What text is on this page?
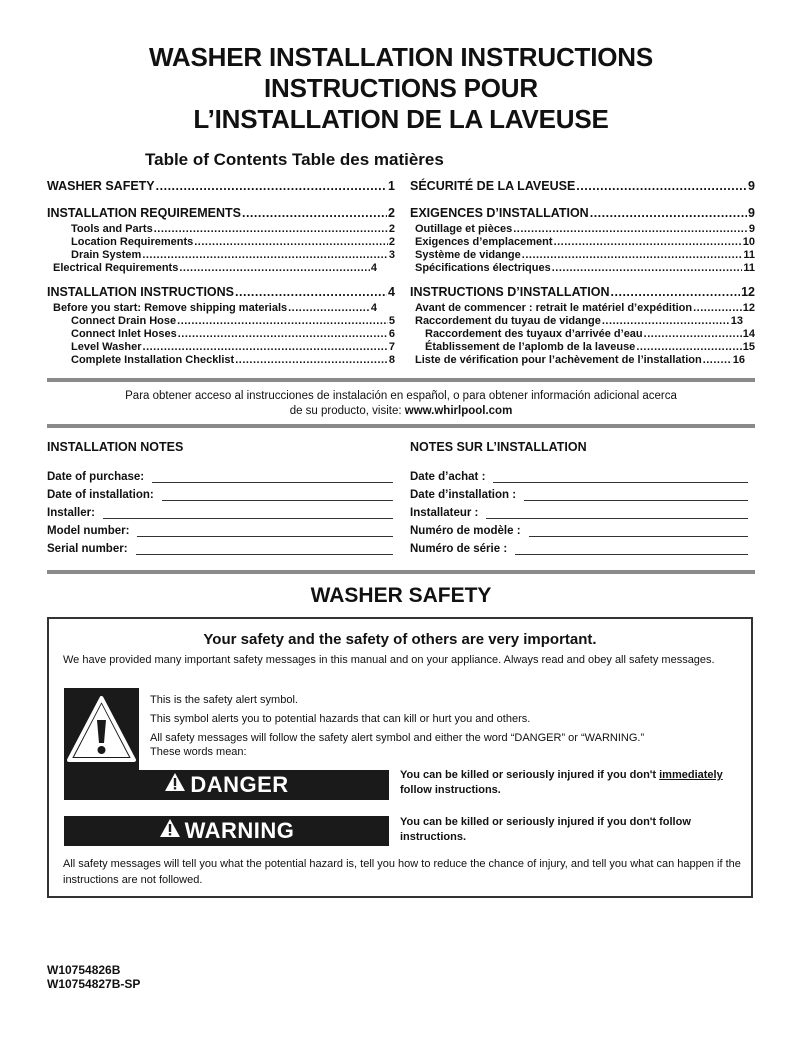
WASHER INSTALLATION INSTRUCTIONS
INSTRUCTIONS POUR
L’INSTALLATION DE LA LAVEUSE
Table of Contents Table des matières
WASHER SAFETY .....	1
INSTALLATION REQUIREMENTS .....	2
Tools and Parts .....	2
Location Requirements .....	2
Drain System .....	3
Electrical Requirements .....	4
INSTALLATION INSTRUCTIONS .....	4
Before you start: Remove shipping materials .....	4
Connect Drain Hose .....	5
Connect Inlet Hoses .....	6
Level Washer .....	7
Complete Installation Checklist .....	8
SÉCURITÉ DE LA LAVEUSE .....	9
EXIGENCES D’INSTALLATION .....	9
Outillage et pièces .....	9
Exigences d’emplacement .....	10
Système de vidange .....	11
Spécifications électriques .....	11
INSTRUCTIONS D’INSTALLATION .....	12
Avant de commencer : retrait le matériel d’expédition .....	12
Raccordement du tuyau de vidange .....	13
Raccordement des tuyaux d’arrivée d’eau .....	14
Établissement de l’aplomb de la laveuse .....	15
Liste de vérification pour l’achèvement de l’installation .....	16
Para obtener acceso al instrucciones de instalación en español, o para obtener información adicional acerca
de su producto, visite: www.whirlpool.com
INSTALLATION NOTES
Date of purchase:
Date of installation:
Installer:
Model number:
Serial number:
NOTES SUR L’INSTALLATION
Date d’achat :
Date d’installation :
Installateur :
Numéro de modèle :
Numéro de série :
WASHER SAFETY
Your safety and the safety of others are very important.
We have provided many important safety messages in this manual and on your appliance. Always read and obey all safety messages.
This is the safety alert symbol.
This symbol alerts you to potential hazards that can kill or hurt you and others.
All safety messages will follow the safety alert symbol and either the word “DANGER” or “WARNING.”
These words mean:
DANGER	You can be killed or seriously injured if you don't immediately follow instructions.
WARNING	You can be killed or seriously injured if you don't follow instructions.
All safety messages will tell you what the potential hazard is, tell you how to reduce the chance of injury, and tell you what can happen if the instructions are not followed.
W10754826B
W10754827B-SP
